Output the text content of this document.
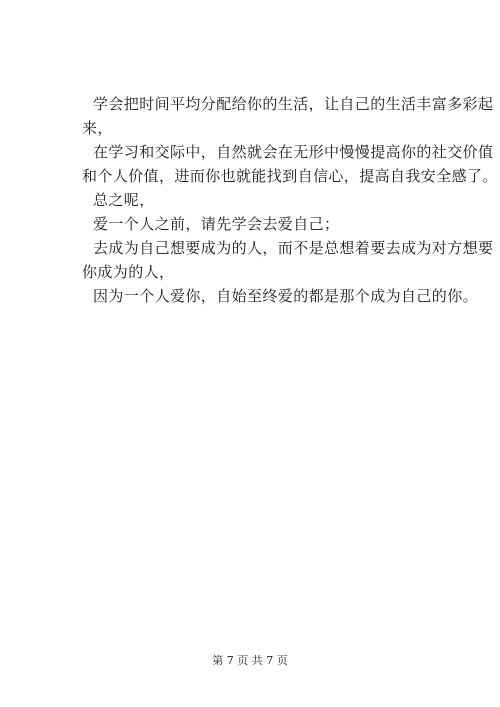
学会把时间平均分配给你的生活，让自己的生活丰富多彩起
来，
在学习和交际中，自然就会在无形中慢慢提高你的社交价值
和个人价值，进而你也就能找到自信心，提高自我安全感了。
总之呢，
爱一个人之前，请先学会去爱自己；
去成为自己想要成为的人，而不是总想着要去成为对方想要
你成为的人，
因为一个人爱你，自始至终爱的都是那个成为自己的你。
第 7 页 共 7 页
